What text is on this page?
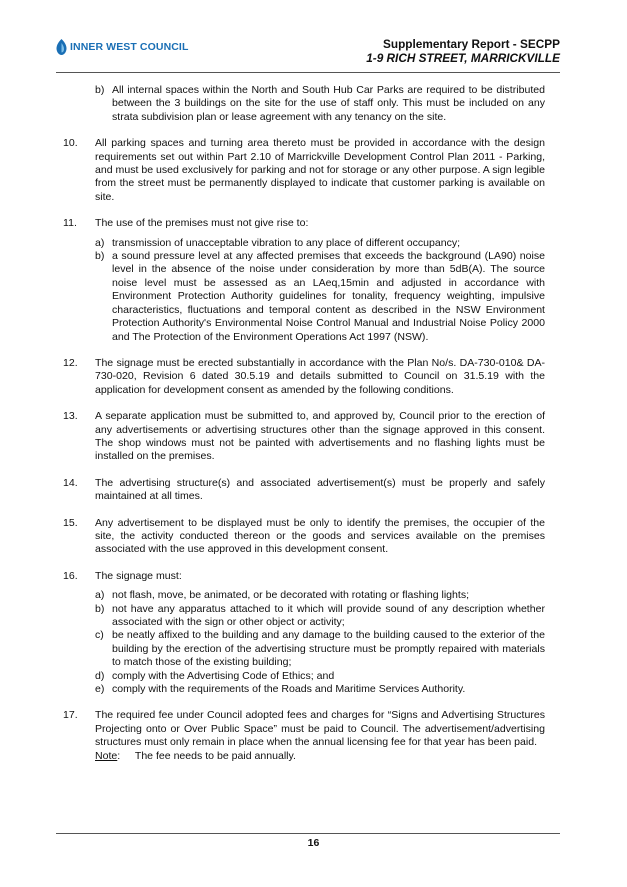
INNER WEST COUNCIL	Supplementary Report - SECPP
1-9 RICH STREET, MARRICKVILLE
b) All internal spaces within the North and South Hub Car Parks are required to be distributed between the 3 buildings on the site for the use of staff only. This must be included on any strata subdivision plan or lease agreement with any tenancy on the site.
10. All parking spaces and turning area thereto must be provided in accordance with the design requirements set out within Part 2.10 of Marrickville Development Control Plan 2011 - Parking, and must be used exclusively for parking and not for storage or any other purpose. A sign legible from the street must be permanently displayed to indicate that customer parking is available on site.
11. The use of the premises must not give rise to:
a) transmission of unacceptable vibration to any place of different occupancy;
b) a sound pressure level at any affected premises that exceeds the background (LA90) noise level in the absence of the noise under consideration by more than 5dB(A). The source noise level must be assessed as an LAeq,15min and adjusted in accordance with Environment Protection Authority guidelines for tonality, frequency weighting, impulsive characteristics, fluctuations and temporal content as described in the NSW Environment Protection Authority's Environmental Noise Control Manual and Industrial Noise Policy 2000 and The Protection of the Environment Operations Act 1997 (NSW).
12. The signage must be erected substantially in accordance with the Plan No/s. DA-730-010& DA-730-020, Revision 6 dated 30.5.19 and details submitted to Council on 31.5.19 with the application for development consent as amended by the following conditions.
13. A separate application must be submitted to, and approved by, Council prior to the erection of any advertisements or advertising structures other than the signage approved in this consent. The shop windows must not be painted with advertisements and no flashing lights must be installed on the premises.
14. The advertising structure(s) and associated advertisement(s) must be properly and safely maintained at all times.
15. Any advertisement to be displayed must be only to identify the premises, the occupier of the site, the activity conducted thereon or the goods and services available on the premises associated with the use approved in this development consent.
16. The signage must:
a) not flash, move, be animated, or be decorated with rotating or flashing lights;
b) not have any apparatus attached to it which will provide sound of any description whether associated with the sign or other object or activity;
c) be neatly affixed to the building and any damage to the building caused to the exterior of the building by the erection of the advertising structure must be promptly repaired with materials to match those of the existing building;
d) comply with the Advertising Code of Ethics; and
e) comply with the requirements of the Roads and Maritime Services Authority.
17. The required fee under Council adopted fees and charges for “Signs and Advertising Structures Projecting onto or Over Public Space” must be paid to Council. The advertisement/advertising structures must only remain in place when the annual licensing fee for that year has been paid.
Note:     The fee needs to be paid annually.
16
